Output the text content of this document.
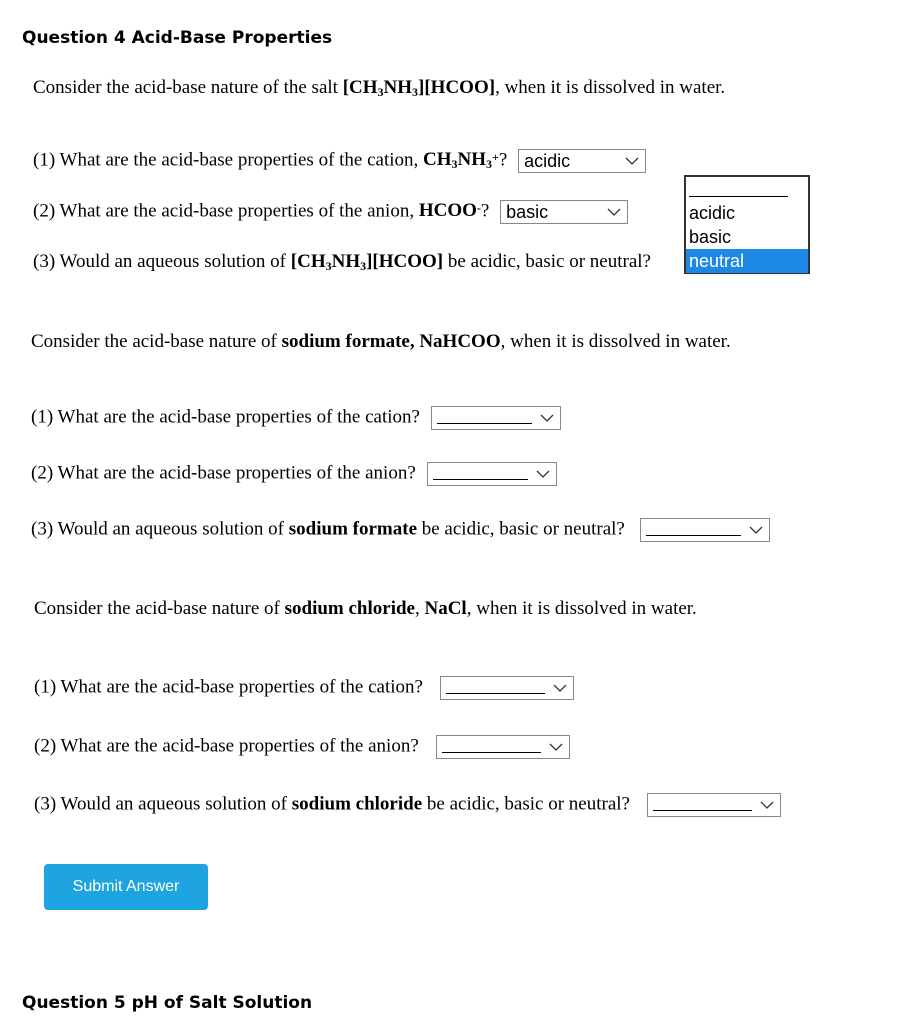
Question 4 Acid-Base Properties
Consider the acid-base nature of the salt $[CH_3NH_3][HCOO]$, when it is dissolved in water.
(1) What are the acid-base properties of the cation, $CH_3NH_3^+$? acidic
(2) What are the acid-base properties of the anion, HCOO-? basic
(3) Would an aqueous solution of $[CH_3NH_3][HCOO]$ be acidic, basic or neutral?
acidic
basic
neutral
Consider the acid-base nature of sodium formate, NaHCOO, when it is dissolved in water.
(1) What are the acid-base properties of the cation?
(2) What are the acid-base properties of the anion?
(3) Would an aqueous solution of sodium formate be acidic, basic or neutral?
Consider the acid-base nature of sodium chloride, NaCl, when it is dissolved in water.
(1) What are the acid-base properties of the cation?
(2) What are the acid-base properties of the anion?
(3) Would an aqueous solution of sodium chloride be acidic, basic or neutral?
Submit Answer
Question 5 pH of Salt Solution
